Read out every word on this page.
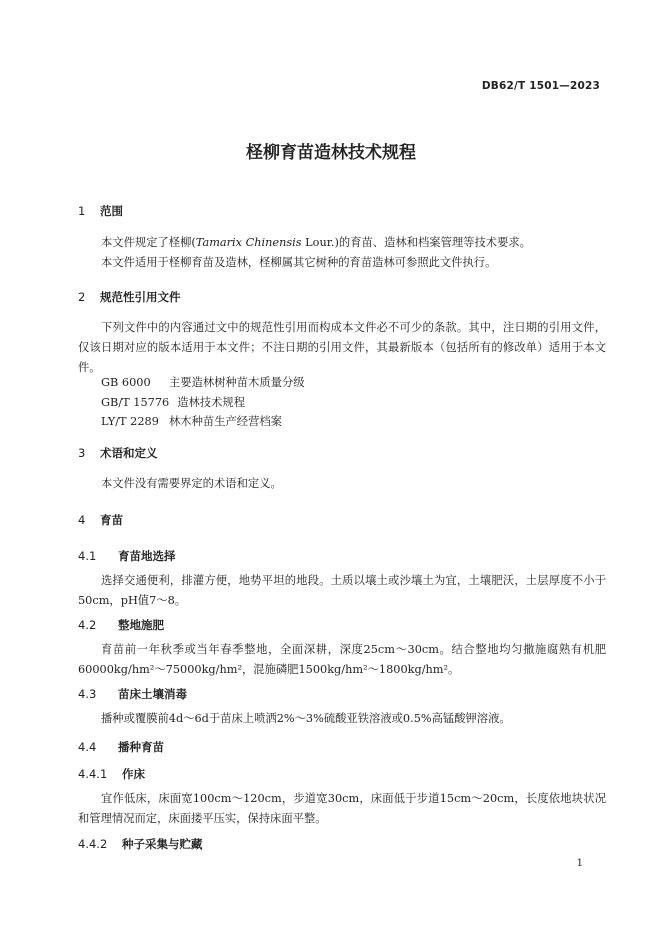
DB62/T 1501—2023
柽柳育苗造林技术规程
1 范围
本文件规定了柽柳(Tamarix Chinensis Lour.)的育苗、造林和档案管理等技术要求。
本文件适用于柽柳育苗及造林，柽柳属其它树种的育苗造林可参照此文件执行。
2 规范性引用文件
下列文件中的内容通过文中的规范性引用而构成本文件必不可少的条款。其中，注日期的引用文件，仅该日期对应的版本适用于本文件；不注日期的引用文件，其最新版本（包括所有的修改单）适用于本文件。
GB 6000 主要造林树种苗木质量分级
GB/T 15776 造林技术规程
LY/T 2289 林木种苗生产经营档案
3 术语和定义
本文件没有需要界定的术语和定义。
4 育苗
4.1 育苗地选择
选择交通便利，排灌方便，地势平坦的地段。土质以壤土或沙壤土为宜，土壤肥沃，土层厚度不小于50cm，pH值7～8。
4.2 整地施肥
育苗前一年秋季或当年春季整地，全面深耕，深度25cm～30cm。结合整地均匀撒施腐熟有机肥60000kg/hm²～75000kg/hm²，混施磷肥1500kg/hm²～1800kg/hm²。
4.3 苗床土壤消毒
播种或覆膜前4d～6d于苗床上喷洒2%～3%硫酸亚铁溶液或0.5%高锰酸钾溶液。
4.4 播种育苗
4.4.1 作床
宜作低床，床面宽100cm～120cm，步道宽30cm，床面低于步道15cm～20cm，长度依地块状况和管理情况而定，床面搂平压实，保持床面平整。
4.4.2 种子采集与贮藏
1
